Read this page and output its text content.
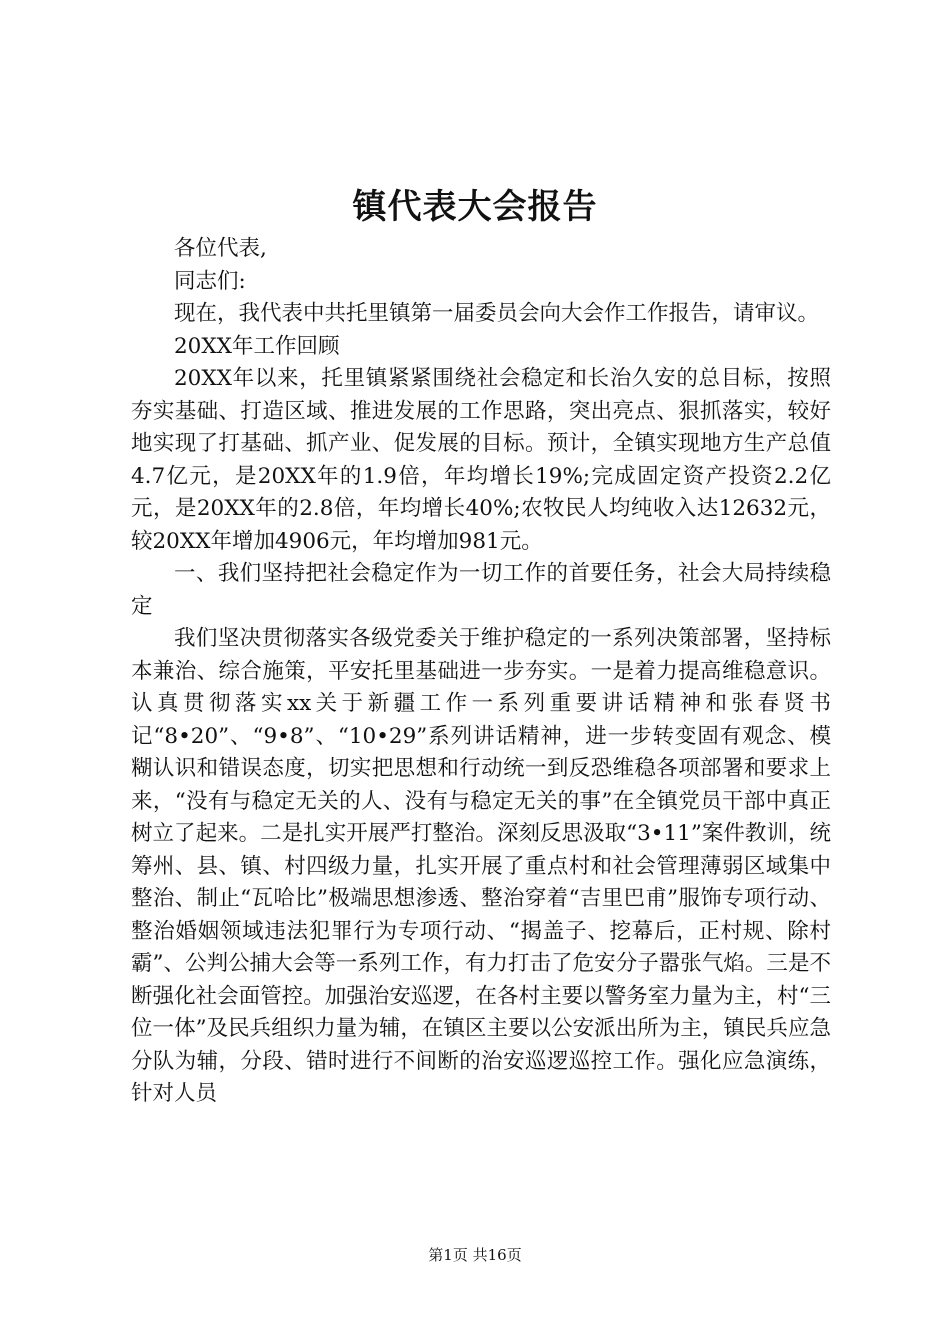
镇代表大会报告

各位代表,

同志们:

现在，我代表中共托里镇第一届委员会向大会作工作报告，请审议。

20XX年工作回顾

20XX年以来，托里镇紧紧围绕社会稳定和长治久安的总目标，按照夯实基础、打造区域、推进发展的工作思路，突出亮点、狠抓落实，较好地实现了打基础、抓产业、促发展的目标。预计，全镇实现地方生产总值4.7亿元，是20XX年的1.9倍，年均增长19%;完成固定资产投资2.2亿元，是20XX年的2.8倍，年均增长40%;农牧民人均纯收入达12632元，较20XX年增加4906元，年均增加981元。

一、我们坚持把社会稳定作为一切工作的首要任务，社会大局持续稳定

我们坚决贯彻落实各级党委关于维护稳定的一系列决策部署，坚持标本兼治、综合施策，平安托里基础进一步夯实。一是着力提高维稳意识。认真贯彻落实xx关于新疆工作一系列重要讲话精神和张春贤书记“8•20”、“9•8”、“10•29”系列讲话精神，进一步转变固有观念、模糊认识和错误态度，切实把思想和行动统一到反恐维稳各项部署和要求上来，“没有与稳定无关的人、没有与稳定无关的事”在全镇党员干部中真正树立了起来。二是扎实开展严打整治。深刻反思汲取“3•11”案件教训，统筹州、县、镇、村四级力量，扎实开展了重点村和社会管理薄弱区域集中整治、制止“瓦哈比”极端思想渗透、整治穿着“吉里巴甫”服饰专项行动、整治婚姻领域违法犯罪行为专项行动、“揭盖子、挖幕后，正村规、除村霸”、公判公捕大会等一系列工作，有力打击了危安分子嚣张气焰。三是不断强化社会面管控。加强治安巡逻，在各村主要以警务室力量为主，村“三位一体”及民兵组织力量为辅，在镇区主要以公安派出所为主，镇民兵应急分队为辅，分段、错时进行不间断的治安巡逻巡控工作。强化应急演练，针对人员

第1页 共16页
